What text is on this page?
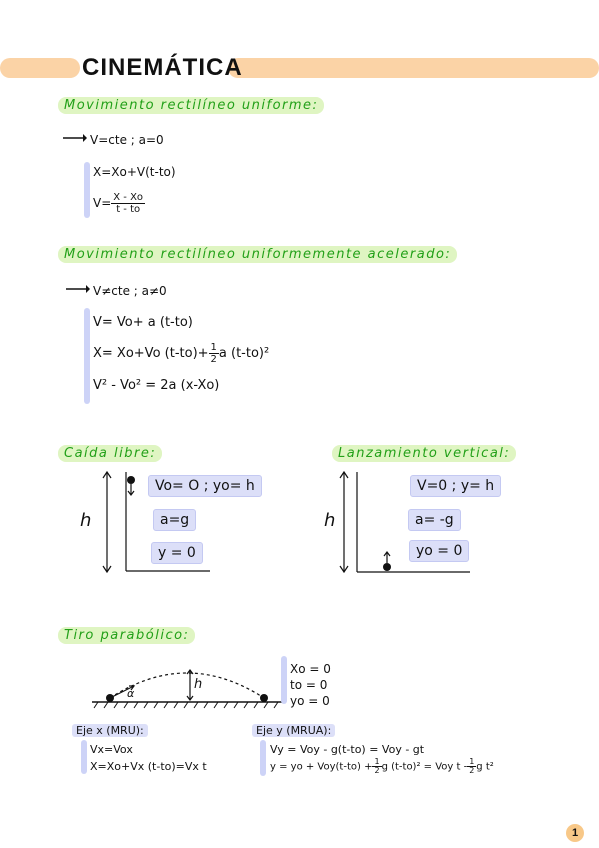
CINEMÁTICA
Movimiento rectilíneo uniforme:
V=cte ; a=0
X=Xo+V(t-to)
$V= \frac{X - Xo}{t - to}$
Movimiento rectilíneo uniformemente acelerado:
V≠cte ; a≠0
V= Vo+ a (t-to)
X= Xo+Vo $(t-to)+ \frac{1}{2}$ a (t-to)²
V² - Vo² = 2a (x-Xo)
Caída libre:
h
Vo= O ; yo= h
a=g
y = 0
Lanzamiento vertical:
h
V=0 ; y= h
a= -g
yo = 0
Tiro parabólico:
α
h
Xo = 0
to = 0
yo = 0
Eje x (MRU):
Vx=Vox
X=Xo+Vx (t-to)=Vx t
Eje y (MRUA):
Vy = Voy - g(t-to) = Voy - gt
y = yo + $Voy(t-to) + \frac{1}{2}$ g (t-to)² = Voy t - $\frac{1}{2}$ g t²
1
